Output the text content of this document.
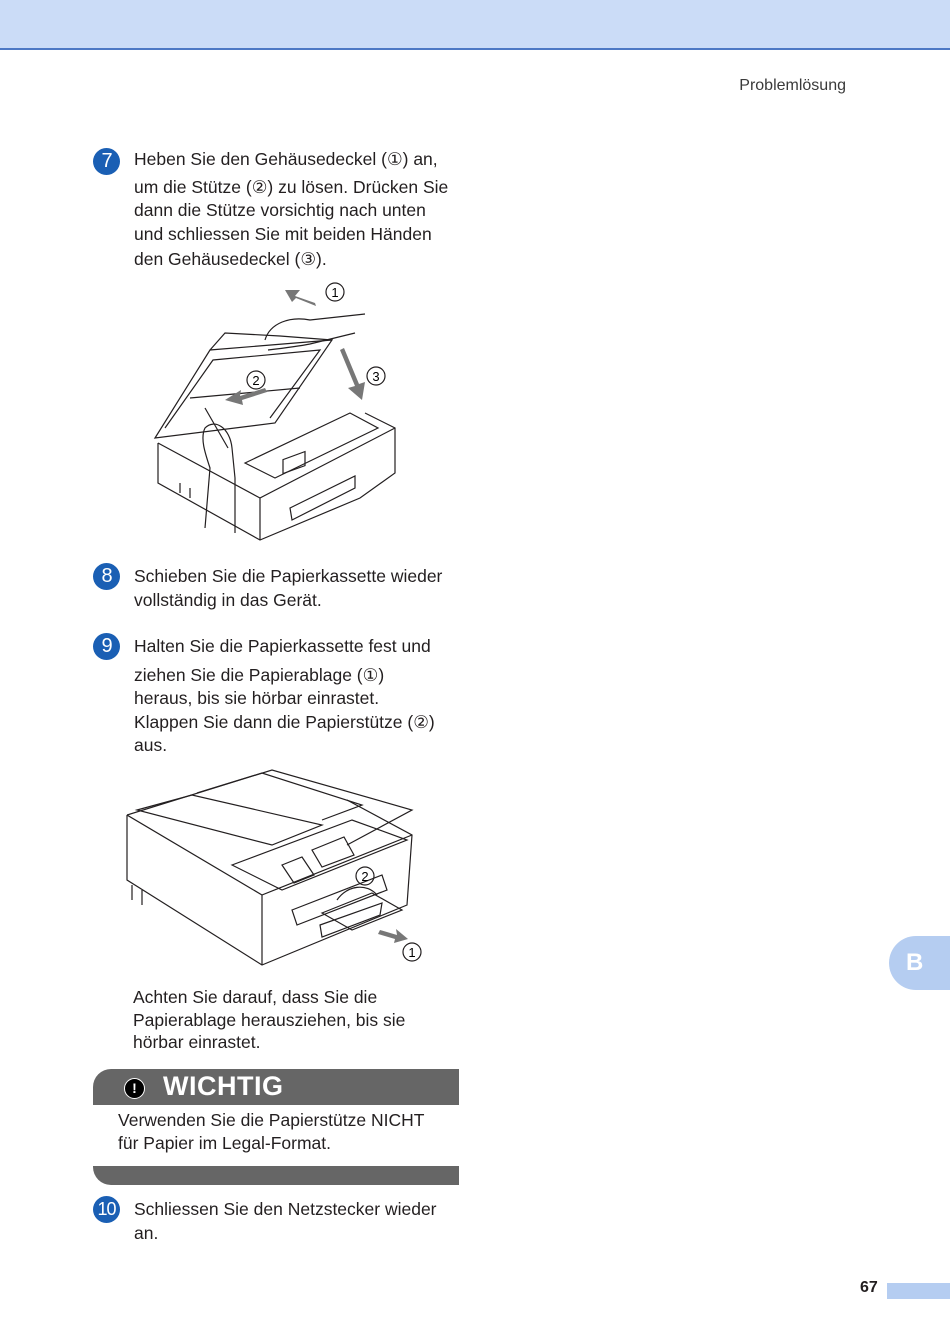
Problemlösung
7	Heben Sie den Gehäusedeckel (①) an,
um die Stütze (②) zu lösen. Drücken Sie
dann die Stütze vorsichtig nach unten
und schliessen Sie mit beiden Händen
den Gehäusedeckel (③).
1
2	3
8	Schieben Sie die Papierkassette wieder
vollständig in das Gerät.
9	Halten Sie die Papierkassette fest und
ziehen Sie die Papierablage (①)
heraus, bis sie hörbar einrastet.
Klappen Sie dann die Papierstütze (②)
aus.
2
1
Achten Sie darauf, dass Sie die
Papierablage herausziehen, bis sie
hörbar einrastet.
! WICHTIG
Verwenden Sie die Papierstütze NICHT
für Papier im Legal-Format.
10 Schliessen Sie den Netzstecker wieder
an.
B
67
